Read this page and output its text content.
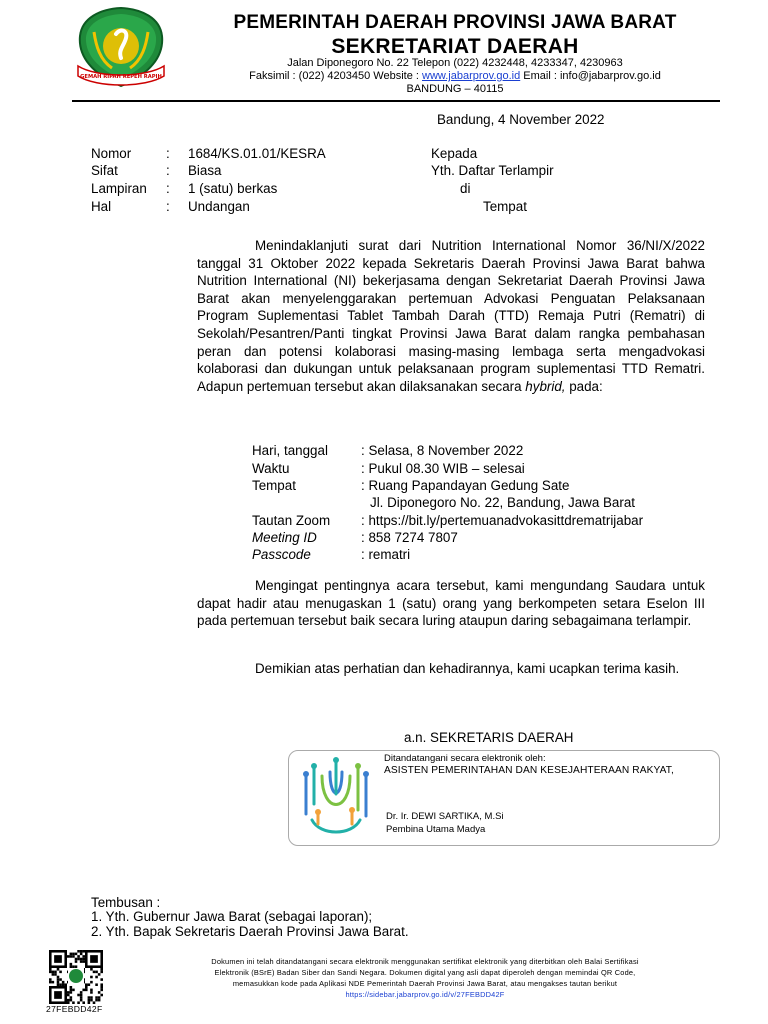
GEMAH RIPAH REPEH RAPIH
PEMERINTAH DAERAH PROVINSI JAWA BARAT
SEKRETARIAT DAERAH
Jalan Diponegoro No. 22 Telepon (022) 4232448, 4233347, 4230963
Faksimil : (022) 4203450 Website : www.jabarprov.go.id Email : info@jabarprov.go.id
BANDUNG – 40115
Bandung, 4 November 2022
Nomor	: 1684/KS.01.01/KESRA
Sifat	: Biasa
Lampiran : 1 (satu) berkas
Hal	: Undangan
Kepada
Yth. Daftar Terlampir
di
Tempat
Menindaklanjuti surat dari Nutrition International Nomor 36/NI/X/2022 tanggal 31 Oktober 2022 kepada Sekretaris Daerah Provinsi Jawa Barat bahwa Nutrition International (NI) bekerjasama dengan Sekretariat Daerah Provinsi Jawa Barat akan menyelenggarakan pertemuan Advokasi Penguatan Pelaksanaan Program Suplementasi Tablet Tambah Darah (TTD) Remaja Putri (Rematri) di Sekolah/Pesantren/Panti tingkat Provinsi Jawa Barat dalam rangka pembahasan peran dan potensi kolaborasi masing-masing lembaga serta mengadvokasi kolaborasi dan dukungan untuk pelaksanaan program suplementasi TTD Rematri. Adapun pertemuan tersebut akan dilaksanakan secara hybrid, pada:
Hari, tanggal : Selasa, 8 November 2022
Waktu	: Pukul 08.30 WIB – selesai
Tempat	: Ruang Papandayan Gedung Sate
Jl. Diponegoro No. 22, Bandung, Jawa Barat
Tautan Zoom : https://bit.ly/pertemuanadvokasittdrematrijabar
Meeting ID	: 858 7274 7807
Passcode	: rematri
Mengingat pentingnya acara tersebut, kami mengundang Saudara untuk dapat hadir atau menugaskan 1 (satu) orang yang berkompeten setara Eselon III pada pertemuan tersebut baik secara luring ataupun daring sebagaimana terlampir.
Demikian atas perhatian dan kehadirannya, kami ucapkan terima kasih.
a.n. SEKRETARIS DAERAH
Ditandatangani secara elektronik oleh:
ASISTEN PEMERINTAHAN DAN KESEJAHTERAAN RAKYAT,
Dr. Ir. DEWI SARTIKA, M.Si
Pembina Utama Madya
Tembusan :
1. Yth. Gubernur Jawa Barat (sebagai laporan);
2. Yth. Bapak Sekretaris Daerah Provinsi Jawa Barat.
27FEBDD42F
Dokumen ini telah ditandatangani secara elektronik menggunakan sertifikat elektronik yang diterbitkan oleh Balai Sertifikasi
Elektronik (BSrE) Badan Siber dan Sandi Negara. Dokumen digital yang asli dapat diperoleh dengan memindai QR Code,
memasukkan kode pada Aplikasi NDE Pemerintah Daerah Provinsi Jawa Barat, atau mengakses tautan berikut
https://sidebar.jabarprov.go.id/v/27FEBDD42F
